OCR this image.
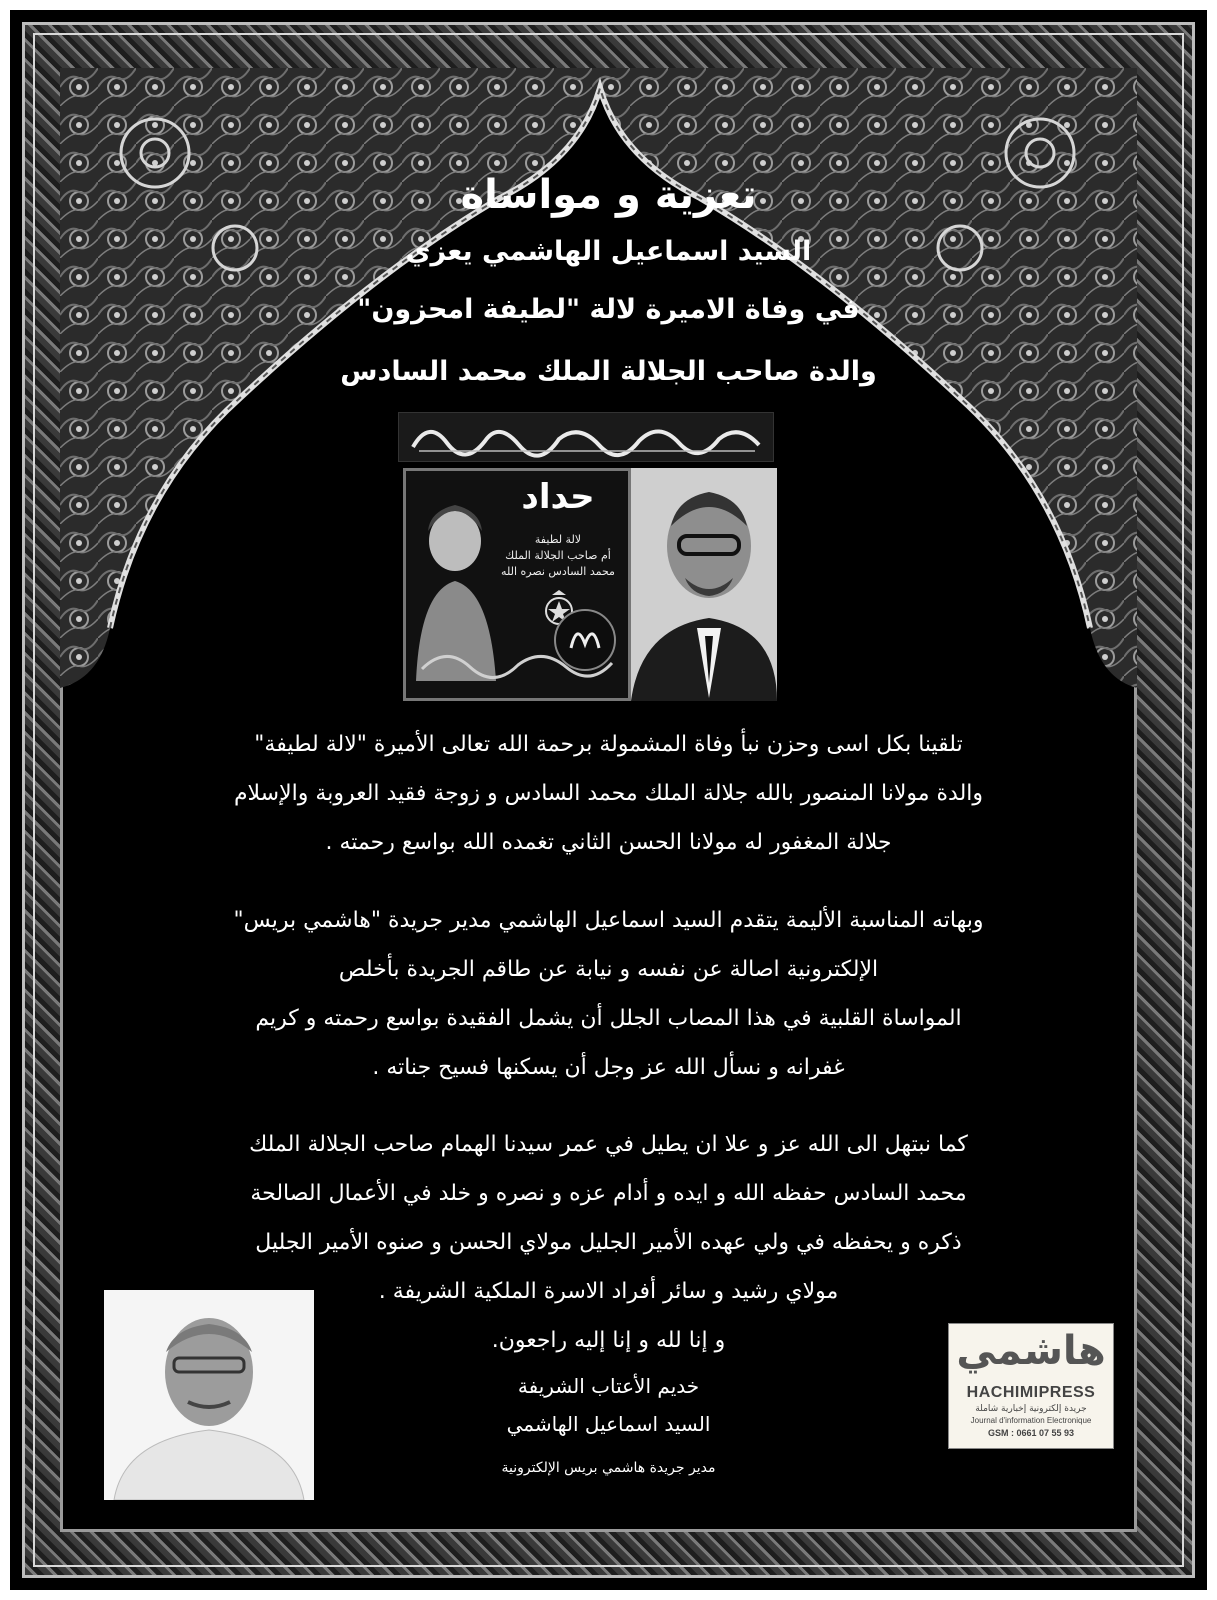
تعزية و مواساة
السيد اسماعيل الهاشمي يعزي
في وفاة الاميرة لالة "لطيفة امحزون"
والدة صاحب الجلالة الملك محمد السادس
حداد
لالة لطيفة
أم صاحب الجلالة الملك
محمد السادس نصره الله
تلقينا بكل اسى وحزن نبأ وفاة المشمولة برحمة الله تعالى الأميرة "لالة لطيفة"
والدة مولانا المنصور بالله جلالة الملك محمد السادس و زوجة فقيد العروبة والإسلام
جلالة المغفور له مولانا الحسن الثاني تغمده الله بواسع رحمته .
وبهاته المناسبة الأليمة يتقدم السيد اسماعيل الهاشمي مدير جريدة "هاشمي بريس"
الإلكترونية اصالة عن نفسه و نيابة عن طاقم الجريدة بأخلص
المواساة القلبية في هذا المصاب الجلل أن يشمل الفقيدة بواسع رحمته و كريم
غفرانه و نسأل الله عز وجل أن يسكنها فسيح جناته .
كما نبتهل الى الله عز و علا ان يطيل في عمر سيدنا الهمام صاحب الجلالة الملك
محمد السادس حفظه الله و ايده و أدام عزه و نصره و خلد في الأعمال الصالحة
ذكره و يحفظه في ولي عهده الأمير الجليل مولاي الحسن و صنوه الأمير الجليل
مولاي رشيد و سائر أفراد الاسرة الملكية الشريفة .
و إنا لله و إنا إليه راجعون.
خديم الأعتاب الشريفة
السيد اسماعيل الهاشمي
مدير جريدة هاشمي بريس الإلكترونية
هاشمي
HACHIMIPRESS
جريدة إلكترونية إخبارية شاملة
Journal d'information Electronique
GSM : 0661 07 55 93
